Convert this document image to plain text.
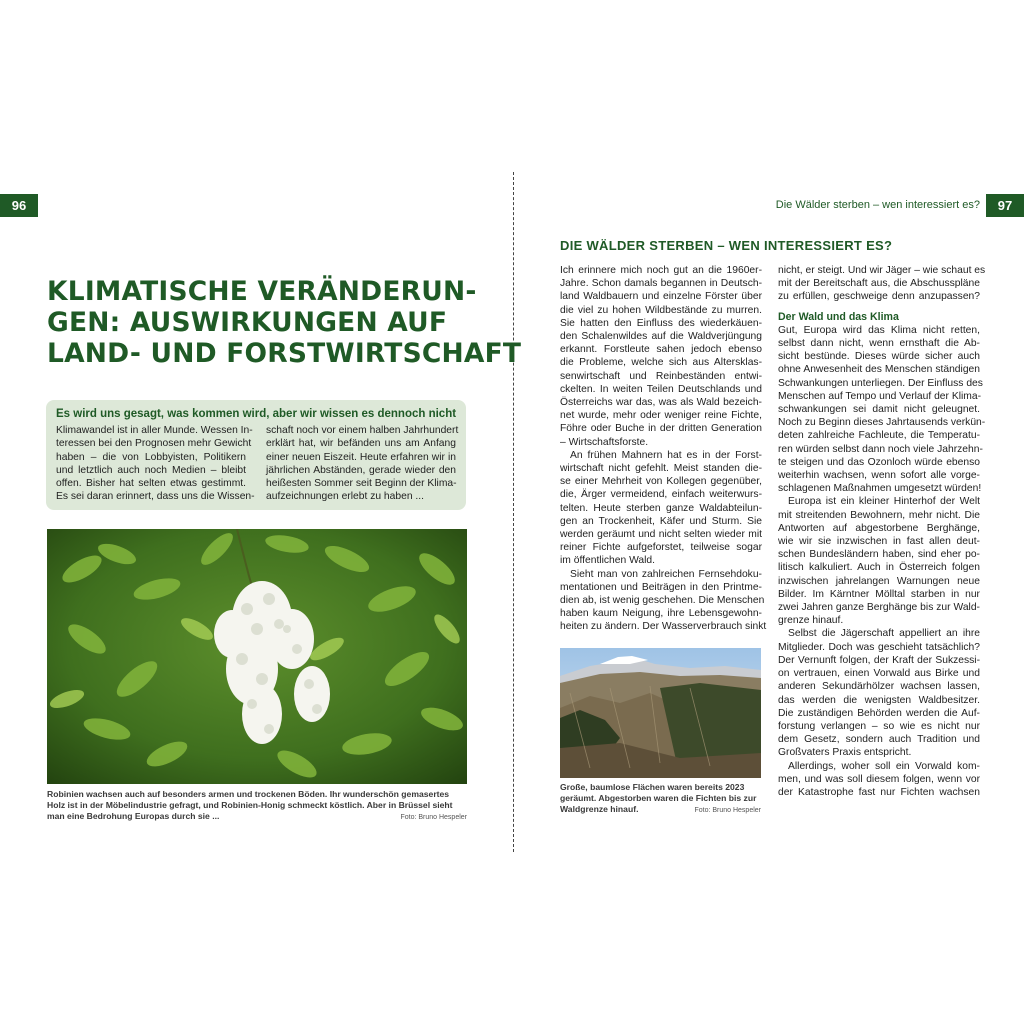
96
KLIMATISCHE VERÄNDERUN-
GEN: AUSWIRKUNGEN AUF
LAND- UND FORSTWIRTSCHAFT
Es wird uns gesagt, was kommen wird, aber wir wissen es dennoch nicht
Klimawandel ist in aller Munde. Wessen In-
teressen bei den Prognosen mehr Gewicht
haben – die von Lobbyisten, Politikern
und letztlich auch noch Medien – bleibt
offen. Bisher hat selten etwas gestimmt.
Es sei daran erinnert, dass uns die Wissen-
schaft noch vor einem halben Jahrhundert
erklärt hat, wir befänden uns am Anfang
einer neuen Eiszeit. Heute erfahren wir in
jährlichen Abständen, gerade wieder den
heißesten Sommer seit Beginn der Klima-
aufzeichnungen erlebt zu haben ...
Robinien wachsen auch auf besonders armen und trockenen Böden. Ihr wunderschön gemasertes
Holz ist in der Möbelindustrie gefragt, und Robinien-Honig schmeckt köstlich. Aber in Brüssel sieht
man eine Bedrohung Europas durch sie ...	Foto: Bruno Hespeler
Die Wälder sterben – wen interessiert es?	97
DIE WÄLDER STERBEN – WEN INTERESSIERT ES?
Ich erinnere mich noch gut an die 1960er-
Jahre. Schon damals begannen in Deutsch-
land Waldbauern und einzelne Förster über
die viel zu hohen Wildbestände zu murren.
Sie hatten den Einfluss des wiederkäuen-
den Schalenwildes auf die Waldverjüngung
erkannt. Forstleute sahen jedoch ebenso
die Probleme, welche sich aus Altersklas-
senwirtschaft und Reinbeständen entwi-
ckelten. In weiten Teilen Deutschlands und
Österreichs war das, was als Wald bezeich-
net wurde, mehr oder weniger reine Fichte,
Föhre oder Buche in der dritten Generation
– Wirtschaftsforste.
An frühen Mahnern hat es in der Forst-
wirtschaft nicht gefehlt. Meist standen die-
se einer Mehrheit von Kollegen gegenüber,
die, Ärger vermeidend, einfach weiterwurs-
telten. Heute sterben ganze Waldabteilun-
gen an Trockenheit, Käfer und Sturm. Sie
werden geräumt und nicht selten wieder mit
reiner Fichte aufgeforstet, teilweise sogar
im öffentlichen Wald.
Sieht man von zahlreichen Fernsehdoku-
mentationen und Beiträgen in den Printme-
dien ab, ist wenig geschehen. Die Menschen
haben kaum Neigung, ihre Lebensgewohn-
heiten zu ändern. Der Wasserverbrauch sinkt
Große, baumlose Flächen waren bereits 2023
geräumt. Abgestorben waren die Fichten bis zur
Waldgrenze hinauf.	Foto: Bruno Hespeler
nicht, er steigt. Und wir Jäger – wie schaut es
mit der Bereitschaft aus, die Abschusspläne
zu erfüllen, geschweige denn anzupassen?
Der Wald und das Klima
Gut, Europa wird das Klima nicht retten,
selbst dann nicht, wenn ernsthaft die Ab-
sicht bestünde. Dieses würde sicher auch
ohne Anwesenheit des Menschen ständigen
Schwankungen unterliegen. Der Einfluss des
Menschen auf Tempo und Verlauf der Klima-
schwankungen sei damit nicht geleugnet.
Noch zu Beginn dieses Jahrtausends verkün-
deten zahlreiche Fachleute, die Temperatu-
ren würden selbst dann noch viele Jahrzehn-
te steigen und das Ozonloch würde ebenso
weiterhin wachsen, wenn sofort alle vorge-
schlagenen Maßnahmen umgesetzt würden!
Europa ist ein kleiner Hinterhof der Welt
mit streitenden Bewohnern, mehr nicht. Die
Antworten auf abgestorbene Berghänge,
wie wir sie inzwischen in fast allen deut-
schen Bundesländern haben, sind eher po-
litisch kalkuliert. Auch in Österreich folgen
inzwischen jahrelangen Warnungen neue
Bilder. Im Kärntner Mölltal starben in nur
zwei Jahren ganze Berghänge bis zur Wald-
grenze hinauf.
Selbst die Jägerschaft appelliert an ihre
Mitglieder. Doch was geschieht tatsächlich?
Der Vernunft folgen, der Kraft der Sukzessi-
on vertrauen, einen Vorwald aus Birke und
anderen Sekundärhölzer wachsen lassen,
das werden die wenigsten Waldbesitzer.
Die zuständigen Behörden werden die Auf-
forstung verlangen – so wie es nicht nur
dem Gesetz, sondern auch Tradition und
Großvaters Praxis entspricht.
Allerdings, woher soll ein Vorwald kom-
men, und was soll diesem folgen, wenn vor
der Katastrophe fast nur Fichten wachsen
